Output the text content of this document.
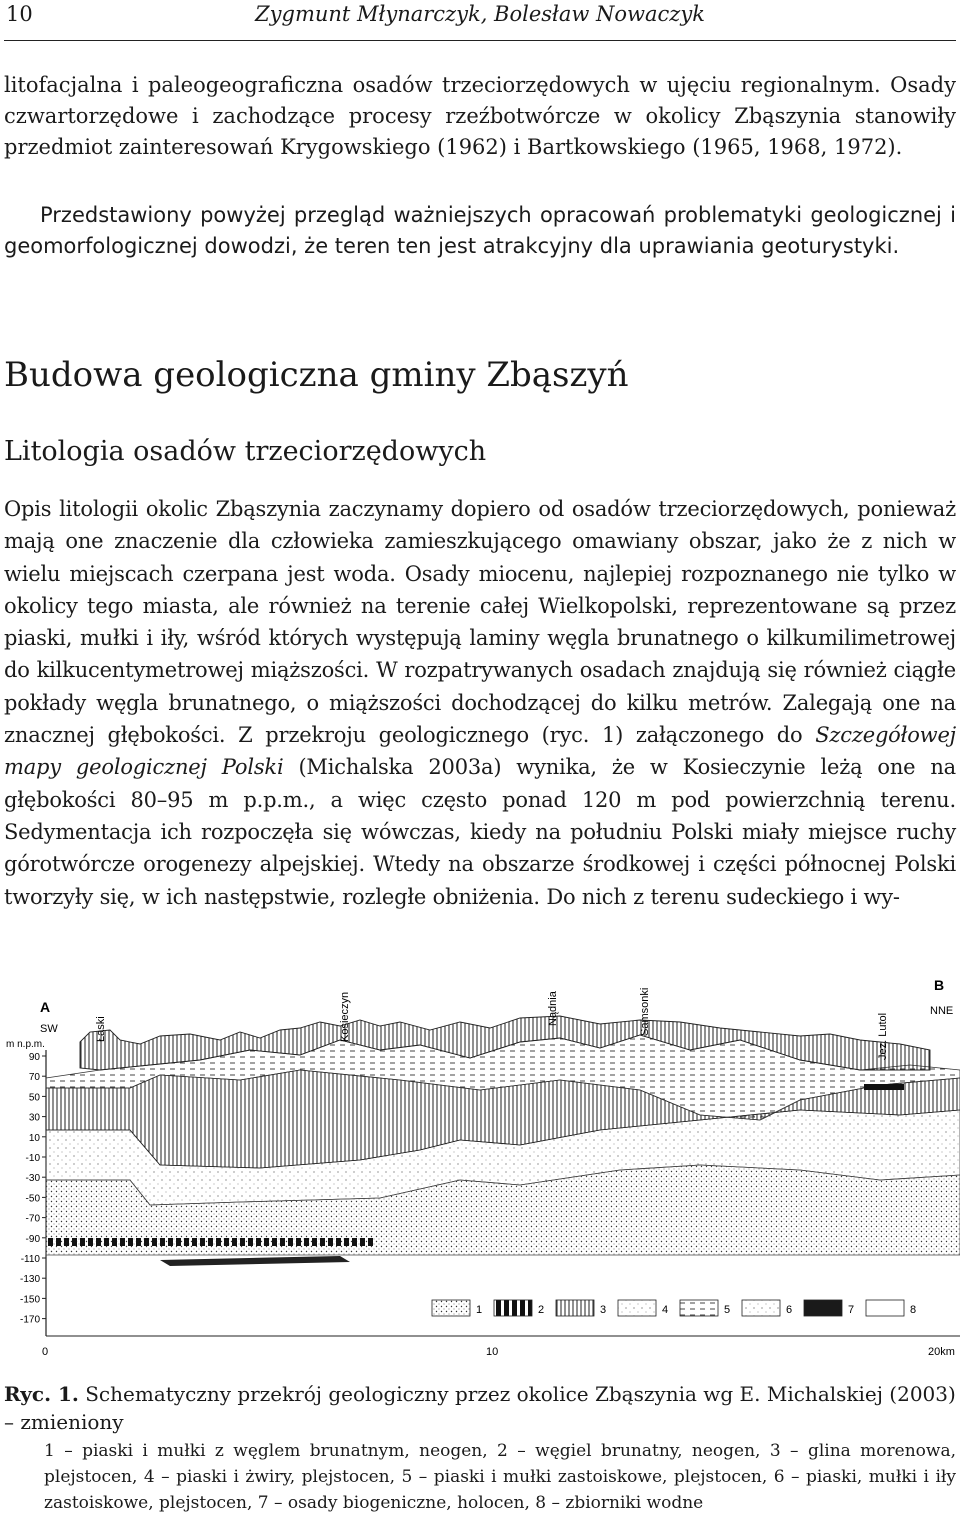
10	Zygmunt Młynarczyk, Bolesław Nowaczyk

litofacjalna i paleogeograficzna osadów trzeciorzędowych w ujęciu regionalnym. Osady czwartorzędowe i zachodzące procesy rzeźbotwórcze w okolicy Zbąszynia stanowiły przedmiot zainteresowań Krygowskiego (1962) i Bartkowskiego (1965, 1968, 1972).

Przedstawiony powyżej przegląd ważniejszych opracowań problematyki geologicznej i geomorfologicznej dowodzi, że teren ten jest atrakcyjny dla uprawiania geoturystyki.

Budowa geologiczna gminy Zbąszyń
Litologia osadów trzeciorzędowych

Opis litologii okolic Zbąszynia zaczynamy dopiero od osadów trzeciorzędowych, ponieważ mają one znaczenie dla człowieka zamieszkującego omawiany obszar, jako że z nich w wielu miejscach czerpana jest woda. Osady miocenu, najlepiej rozpoznanego nie tylko w okolicy tego miasta, ale również na terenie całej Wielkopolski, reprezentowane są przez piaski, mułki i iły, wśród których występują laminy węgla brunatnego o kilkumilimetrowej do kilkucentymetrowej miąższości. W rozpatrywanych osadach znajdują się również ciągłe pokłady węgla brunatnego, o miąższości dochodzącej do kilku metrów. Zalegają one na znacznej głębokości. Z przekroju geologicznego (ryc. 1) załączonego do Szczegółowej mapy geologicznej Polski (Michalska 2003a) wynika, że w Kosieczynie leżą one na głębokości 80–95 m p.p.m., a więc często ponad 120 m pod powierzchnią terenu. Sedymentacja ich rozpoczęła się wówczas, kiedy na południu Polski miały miejsce ruchy górotwórcze orogenezy alpejskiej. Wtedy na obszarze środkowej i części północnej Polski tworzyły się, w ich następstwie, rozległe obniżenia. Do nich z terenu sudeckiego i wy-

A
B
SW
NNE
m n.p.m.
90
70
50
30
10
-10
-30
-50
-70
-90
-110
-130
-150
-170
Łaski	Kosieczyn	Nądnia	Samsonki
Jez. Lutol
0	10	20km
1	2	3	4	5	6	7	8
Ryc. 1. Schematyczny przekrój geologiczny przez okolice Zbąszynia wg E. Michalskiej (2003) – zmieniony
1 – piaski i mułki z węglem brunatnym, neogen, 2 – węgiel brunatny, neogen, 3 – glina morenowa, plejstocen, 4 – piaski i żwiry, plejstocen, 5 – piaski i mułki zastoiskowe, plejstocen, 6 – piaski, mułki i iły zastoiskowe, plejstocen, 7 – osady biogeniczne, holocen, 8 – zbiorniki wodne
